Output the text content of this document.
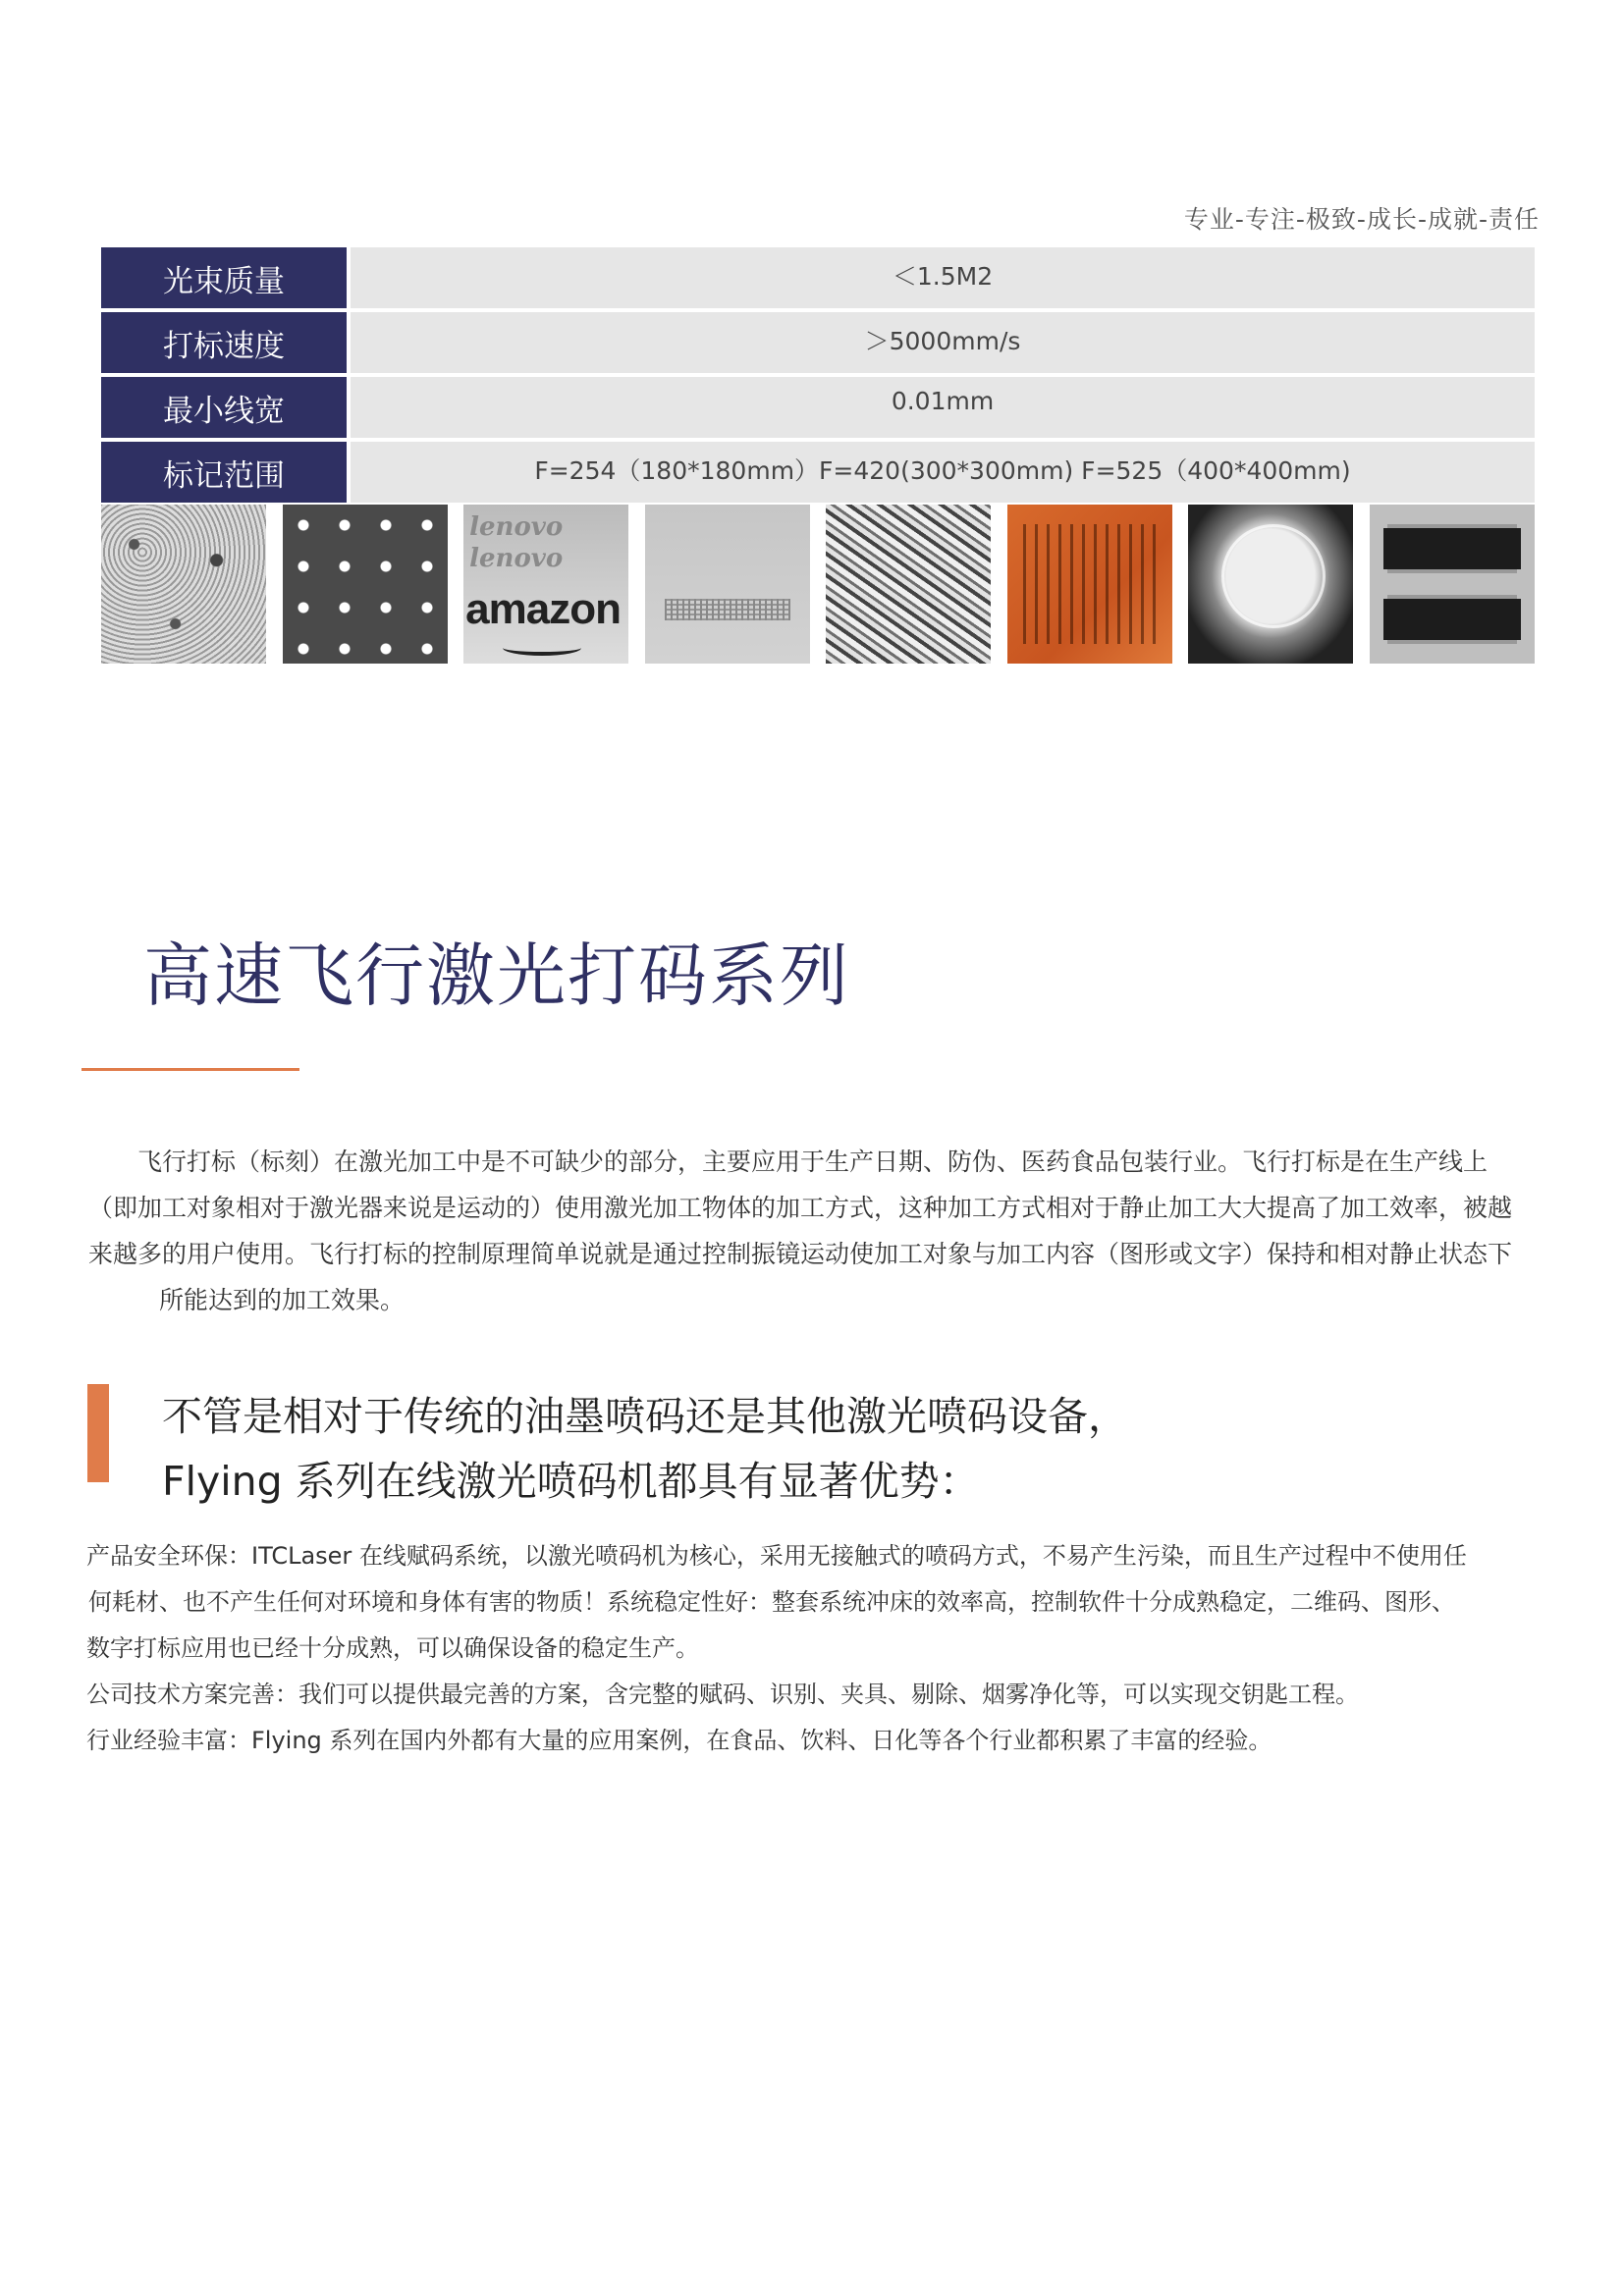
专业-专注-极致-成长-成就-责任
光束质量	＜1.5M2
打标速度	＞5000mm/s
最小线宽	0.01mm
标记范围	F=254（180*180mm）F=420(300*300mm) F=525（400*400mm)
lenovo
lenovo
amazon
高速飞行激光打码系列

飞行打标（标刻）在激光加工中是不可缺少的部分，主要应用于生产日期、防伪、医药食品包装行业。飞行打标是在生产线上

（即加工对象相对于激光器来说是运动的）使用激光加工物体的加工方式，这种加工方式相对于静止加工大大提高了加工效率，被越

来越多的用户使用。飞行打标的控制原理简单说就是通过控制振镜运动使加工对象与加工内容（图形或文字）保持和相对静止状态下

所能达到的加工效果。

不管是相对于传统的油墨喷码还是其他激光喷码设备，

Flying 系列在线激光喷码机都具有显著优势：

产品安全环保：ITCLaser 在线赋码系统，以激光喷码机为核心，采用无接触式的喷码方式，不易产生污染，而且生产过程中不使用任

何耗材、也不产生任何对环境和身体有害的物质！系统稳定性好：整套系统冲床的效率高，控制软件十分成熟稳定，二维码、图形、

数字打标应用也已经十分成熟，可以确保设备的稳定生产。

公司技术方案完善：我们可以提供最完善的方案，含完整的赋码、识别、夹具、剔除、烟雾净化等，可以实现交钥匙工程。

行业经验丰富：Flying 系列在国内外都有大量的应用案例，在食品、饮料、日化等各个行业都积累了丰富的经验。
